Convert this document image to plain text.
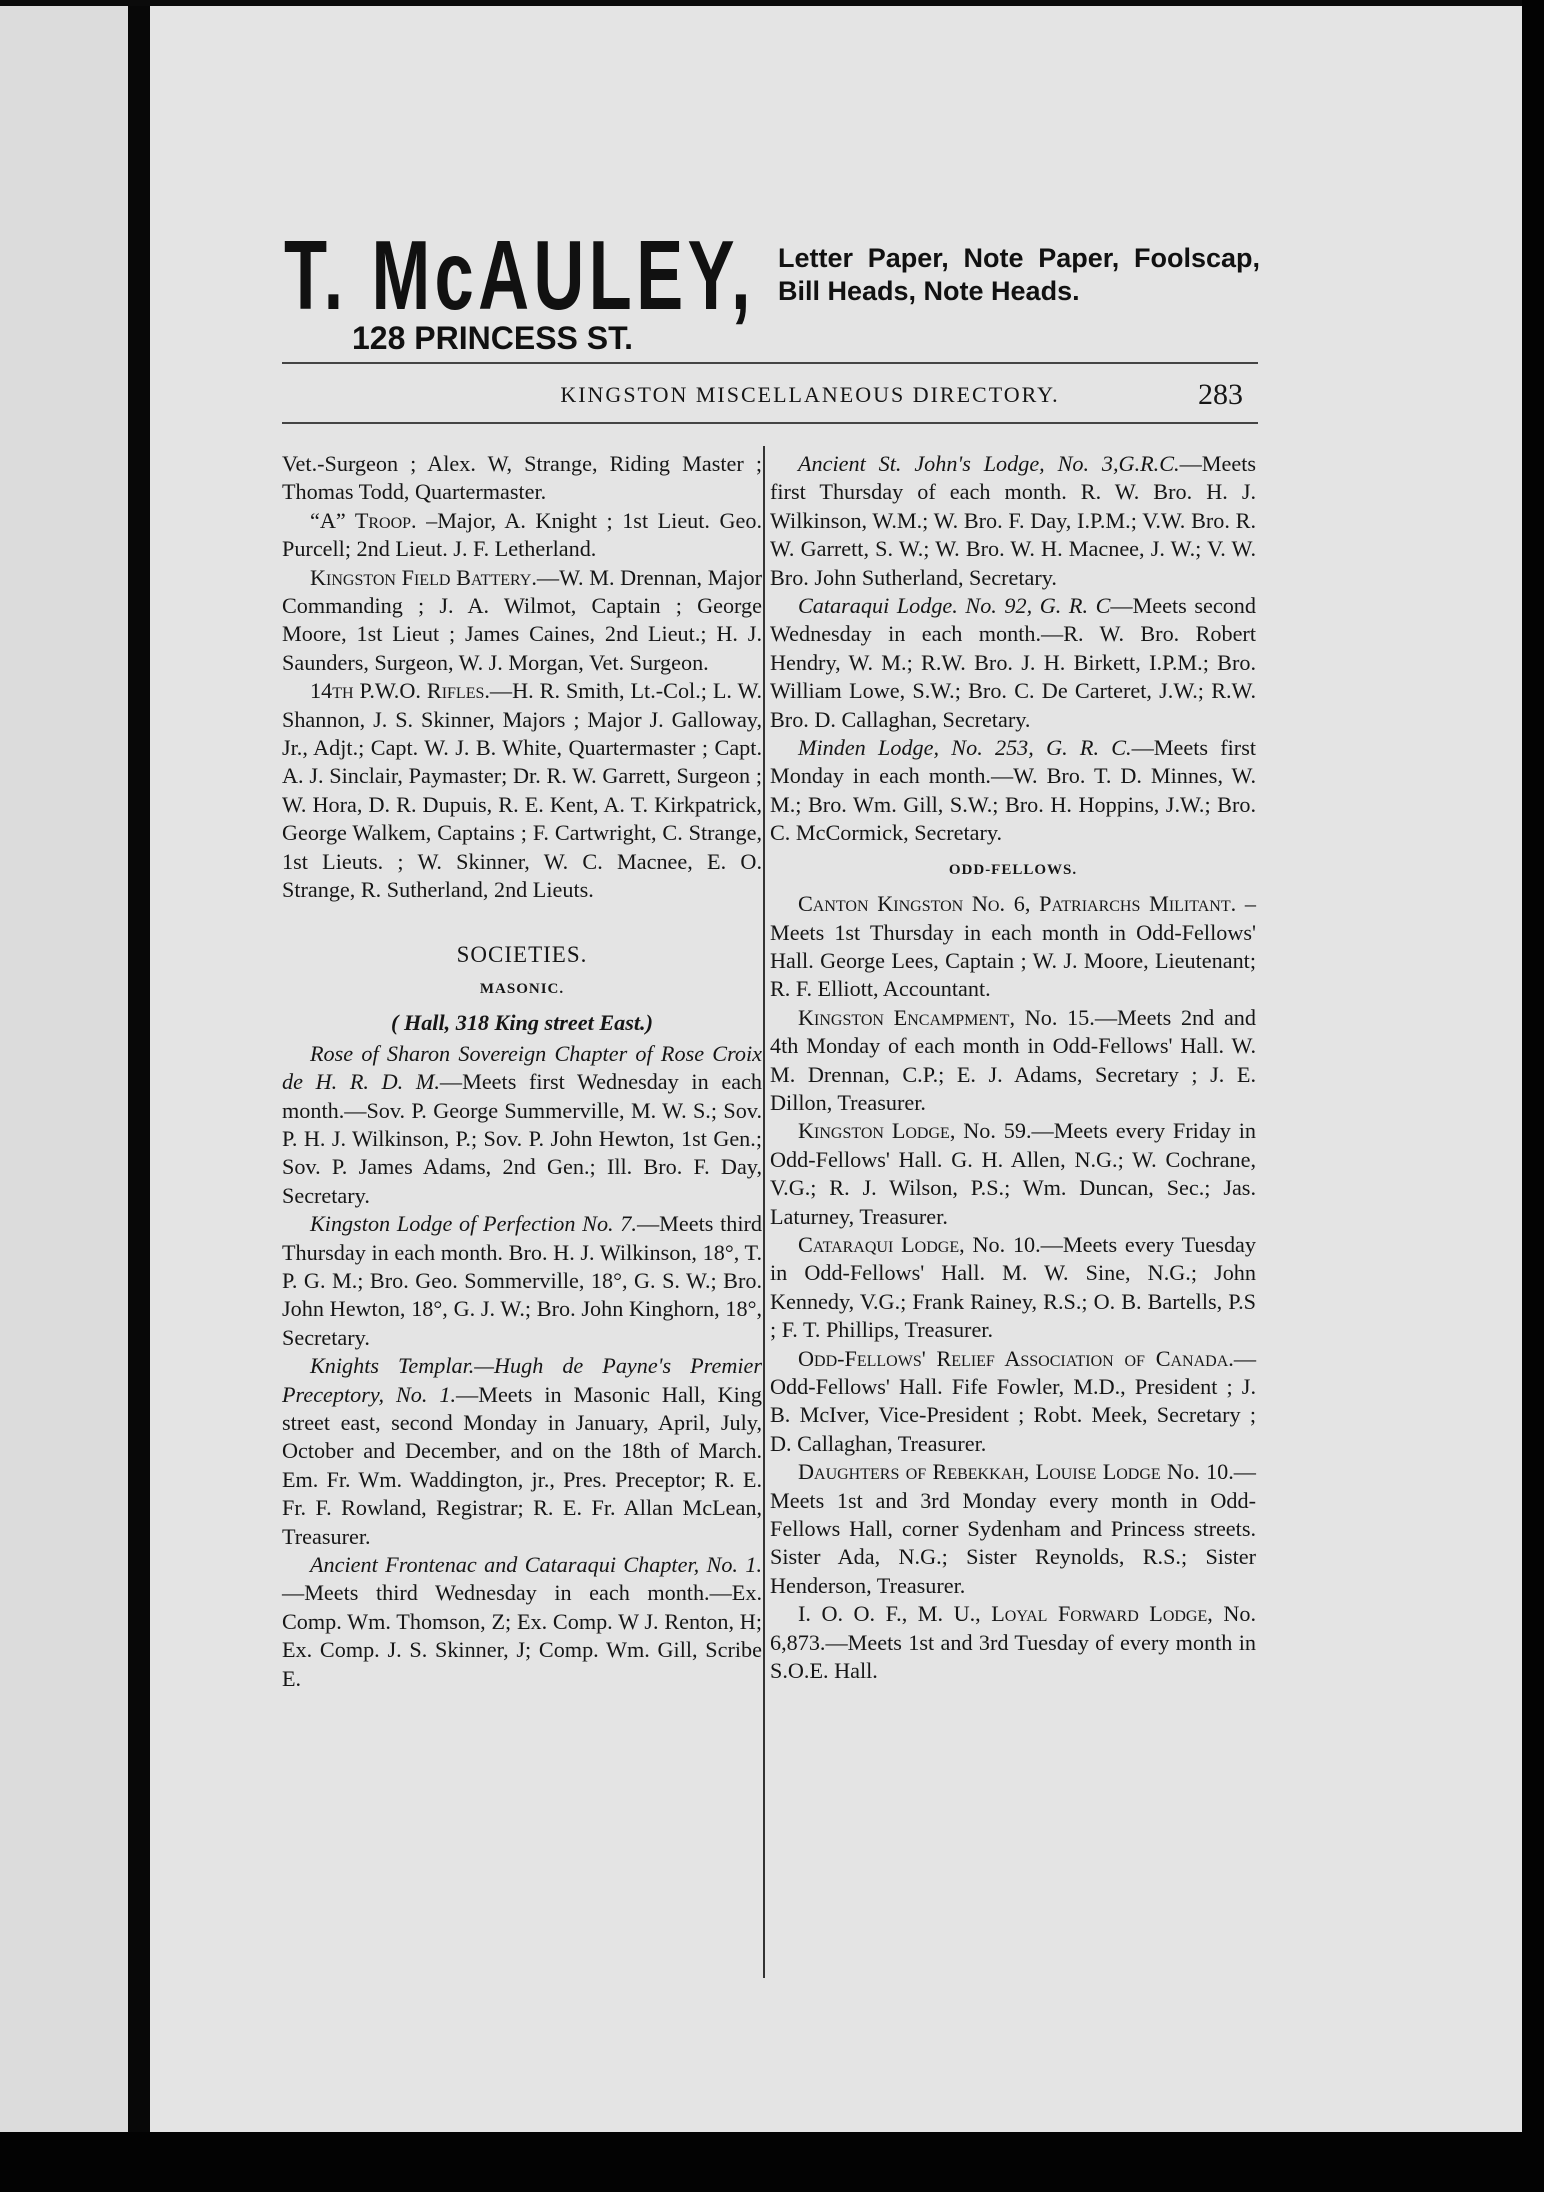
T. McAULEY,
128 PRINCESS ST.
Letter Paper, Note Paper, Foolscap, Bill Heads, Note Heads.
KINGSTON MISCELLANEOUS DIRECTORY.	283

Vet.-Surgeon ; Alex. W, Strange, Riding Master ; Thomas Todd, Quartermaster.

“A” Troop. –Major, A. Knight ; 1st Lieut. Geo. Purcell; 2nd Lieut. J. F. Letherland.

Kingston Field Battery.—W. M. Drennan, Major Commanding ; J. A. Wilmot, Captain ; George Moore, 1st Lieut ; James Caines, 2nd Lieut.; H. J. Saunders, Surgeon, W. J. Morgan, Vet. Surgeon.

14th P.W.O. Rifles.—H. R. Smith, Lt.-Col.; L. W. Shannon, J. S. Skinner, Majors ; Major J. Galloway, Jr., Adjt.; Capt. W. J. B. White, Quartermaster ; Capt. A. J. Sinclair, Paymaster; Dr. R. W. Garrett, Surgeon ; W. Hora, D. R. Dupuis, R. E. Kent, A. T. Kirkpatrick, George Walkem, Captains ; F. Cartwright, C. Strange, 1st Lieuts. ; W. Skinner, W. C. Macnee, E. O. Strange, R. Sutherland, 2nd Lieuts.

SOCIETIES.
MASONIC.
( Hall, 318 King street East.)

Rose of Sharon Sovereign Chapter of Rose Croix de H. R. D. M.—Meets first Wednesday in each month.—Sov. P. George Summerville, M. W. S.; Sov. P. H. J. Wilkinson, P.; Sov. P. John Hewton, 1st Gen.; Sov. P. James Adams, 2nd Gen.; Ill. Bro. F. Day, Secretary.

Kingston Lodge of Perfection No. 7.—Meets third Thursday in each month. Bro. H. J. Wilkinson, 18°, T. P. G. M.; Bro. Geo. Sommerville, 18°, G. S. W.; Bro. John Hewton, 18°, G. J. W.; Bro. John Kinghorn, 18°, Secretary.

Knights Templar.—Hugh de Payne's Premier Preceptory, No. 1.—Meets in Masonic Hall, King street east, second Monday in January, April, July, October and December, and on the 18th of March. Em. Fr. Wm. Waddington, jr., Pres. Preceptor; R. E. Fr. F. Rowland, Registrar; R. E. Fr. Allan McLean, Treasurer.

Ancient Frontenac and Cataraqui Chapter, No. 1.—Meets third Wednesday in each month.—Ex. Comp. Wm. Thomson, Z; Ex. Comp. W J. Renton, H; Ex. Comp. J. S. Skinner, J; Comp. Wm. Gill, Scribe E.

Ancient St. John's Lodge, No. 3,G.R.C.—Meets first Thursday of each month. R. W. Bro. H. J. Wilkinson, W.M.; W. Bro. F. Day, I.P.M.; V.W. Bro. R. W. Garrett, S. W.; W. Bro. W. H. Macnee, J. W.; V. W. Bro. John Sutherland, Secretary.

Cataraqui Lodge. No. 92, G. R. C—Meets second Wednesday in each month.—R. W. Bro. Robert Hendry, W. M.; R.W. Bro. J. H. Birkett, I.P.M.; Bro. William Lowe, S.W.; Bro. C. De Carteret, J.W.; R.W. Bro. D. Callaghan, Secretary.

Minden Lodge, No. 253, G. R. C.—Meets first Monday in each month.—W. Bro. T. D. Minnes, W. M.; Bro. Wm. Gill, S.W.; Bro. H. Hoppins, J.W.; Bro. C. McCormick, Secretary.

ODD-FELLOWS.

Canton Kingston No. 6, Patriarchs Militant. –Meets 1st Thursday in each month in Odd-Fellows' Hall. George Lees, Captain ; W. J. Moore, Lieutenant; R. F. Elliott, Accountant.

Kingston Encampment, No. 15.—Meets 2nd and 4th Monday of each month in Odd-Fellows' Hall. W. M. Drennan, C.P.; E. J. Adams, Secretary ; J. E. Dillon, Treasurer.

Kingston Lodge, No. 59.—Meets every Friday in Odd-Fellows' Hall. G. H. Allen, N.G.; W. Cochrane, V.G.; R. J. Wilson, P.S.; Wm. Duncan, Sec.; Jas. Laturney, Treasurer.

Cataraqui Lodge, No. 10.—Meets every Tuesday in Odd-Fellows' Hall. M. W. Sine, N.G.; John Kennedy, V.G.; Frank Rainey, R.S.; O. B. Bartells, P.S ; F. T. Phillips, Treasurer.

Odd-Fellows' Relief Association of Canada.—Odd-Fellows' Hall. Fife Fowler, M.D., President ; J. B. McIver, Vice-President ; Robt. Meek, Secretary ; D. Callaghan, Treasurer.

Daughters of Rebekkah, Louise Lodge No. 10.—Meets 1st and 3rd Monday every month in Odd-Fellows Hall, corner Sydenham and Princess streets. Sister Ada, N.G.; Sister Reynolds, R.S.; Sister Henderson, Treasurer.

I. O. O. F., M. U., Loyal Forward Lodge, No. 6,873.—Meets 1st and 3rd Tuesday of every month in S.O.E. Hall.
